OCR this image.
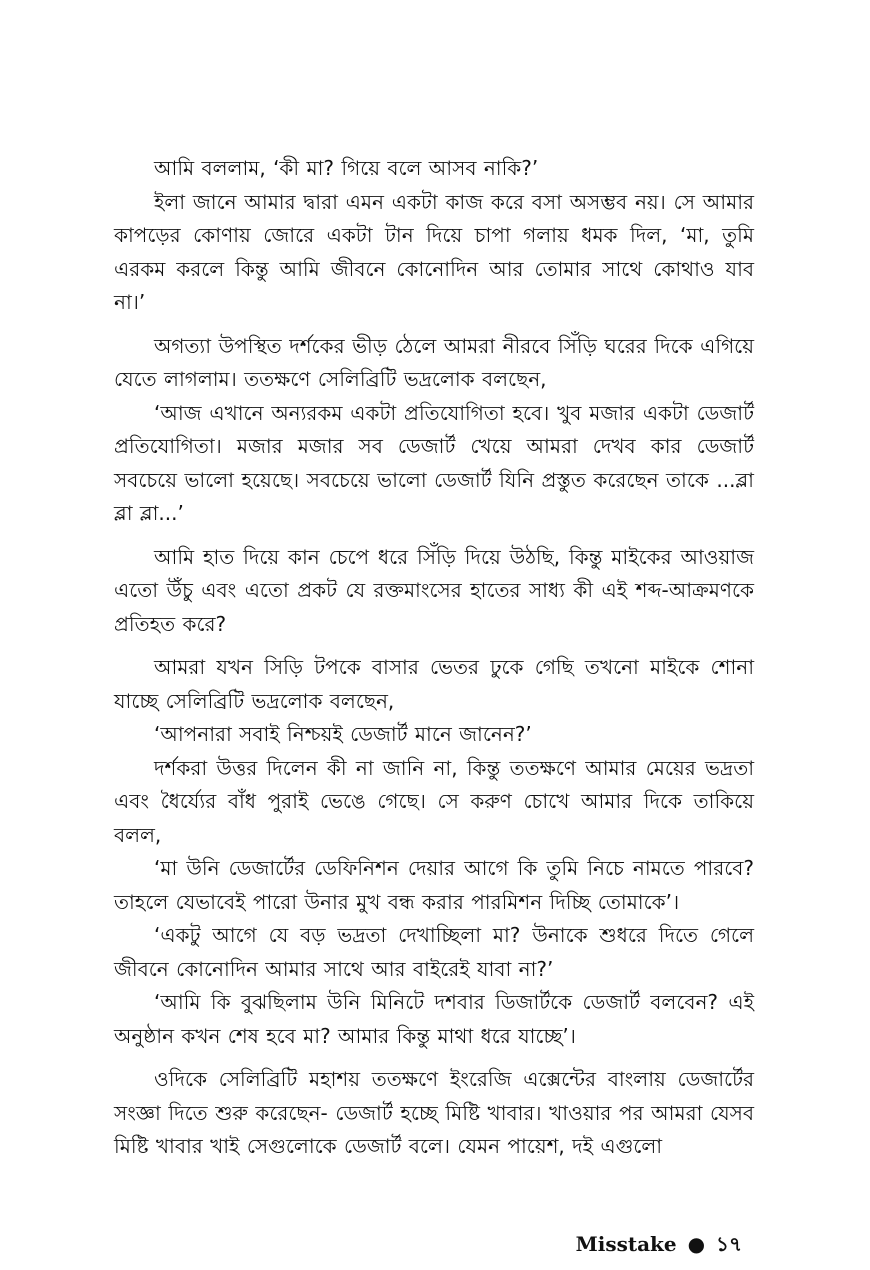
আমি বললাম, ‘কী মা? গিয়ে বলে আসব নাকি?’

ইলা জানে আমার দ্বারা এমন একটা কাজ করে বসা অসম্ভব নয়। সে আমার কাপড়ের কোণায় জোরে একটা টান দিয়ে চাপা গলায় ধমক দিল, ‘মা, তুমি এরকম করলে কিন্তু আমি জীবনে কোনোদিন আর তোমার সাথে কোথাও যাব না।’

অগত্যা উপস্থিত দর্শকের ভীড় ঠেলে আমরা নীরবে সিঁড়ি ঘরের দিকে এগিয়ে যেতে লাগলাম। ততক্ষণে সেলিব্রিটি ভদ্রলোক বলছেন,

‘আজ এখানে অন্যরকম একটা প্রতিযোগিতা হবে। খুব মজার একটা ডেজার্ট প্রতিযোগিতা। মজার মজার সব ডেজার্ট খেয়ে আমরা দেখব কার ডেজার্ট সবচেয়ে ভালো হয়েছে। সবচেয়ে ভালো ডেজার্ট যিনি প্রস্তুত করেছেন তাকে ...ব্লা ব্লা ব্লা...’

আমি হাত দিয়ে কান চেপে ধরে সিঁড়ি দিয়ে উঠছি, কিন্তু মাইকের আওয়াজ এতো উঁচু এবং এতো প্রকট যে রক্তমাংসের হাতের সাধ্য কী এই শব্দ-আক্রমণকে প্রতিহত করে?

আমরা যখন সিড়ি টপকে বাসার ভেতর ঢুকে গেছি তখনো মাইকে শোনা যাচ্ছে সেলিব্রিটি ভদ্রলোক বলছেন,

‘আপনারা সবাই নিশ্চয়ই ডেজার্ট মানে জানেন?’

দর্শকরা উত্তর দিলেন কী না জানি না, কিন্তু ততক্ষণে আমার মেয়ের ভদ্রতা এবং ধৈর্য্যের বাঁধ পুরাই ভেঙে গেছে। সে করুণ চোখে আমার দিকে তাকিয়ে বলল,

‘মা উনি ডেজার্টের ডেফিনিশন দেয়ার আগে কি তুমি নিচে নামতে পারবে? তাহলে যেভাবেই পারো উনার মুখ বন্ধ করার পারমিশন দিচ্ছি তোমাকে’।

‘একটু আগে যে বড় ভদ্রতা দেখাচ্ছিলা মা? উনাকে শুধরে দিতে গেলে জীবনে কোনোদিন আমার সাথে আর বাইরেই যাবা না?’

‘আমি কি বুঝছিলাম উনি মিনিটে দশবার ডিজার্টকে ডেজার্ট বলবেন? এই অনুষ্ঠান কখন শেষ হবে মা? আমার কিন্তু মাথা ধরে যাচ্ছে’।

ওদিকে সেলিব্রিটি মহাশয় ততক্ষণে ইংরেজি এক্সেন্টের বাংলায় ডেজার্টের সংজ্ঞা দিতে শুরু করেছেন- ডেজার্ট হচ্ছে মিষ্টি খাবার। খাওয়ার পর আমরা যেসব মিষ্টি খাবার খাই সেগুলোকে ডেজার্ট বলে। যেমন পায়েশ, দই এগুলো

Misstake ● ১৭
